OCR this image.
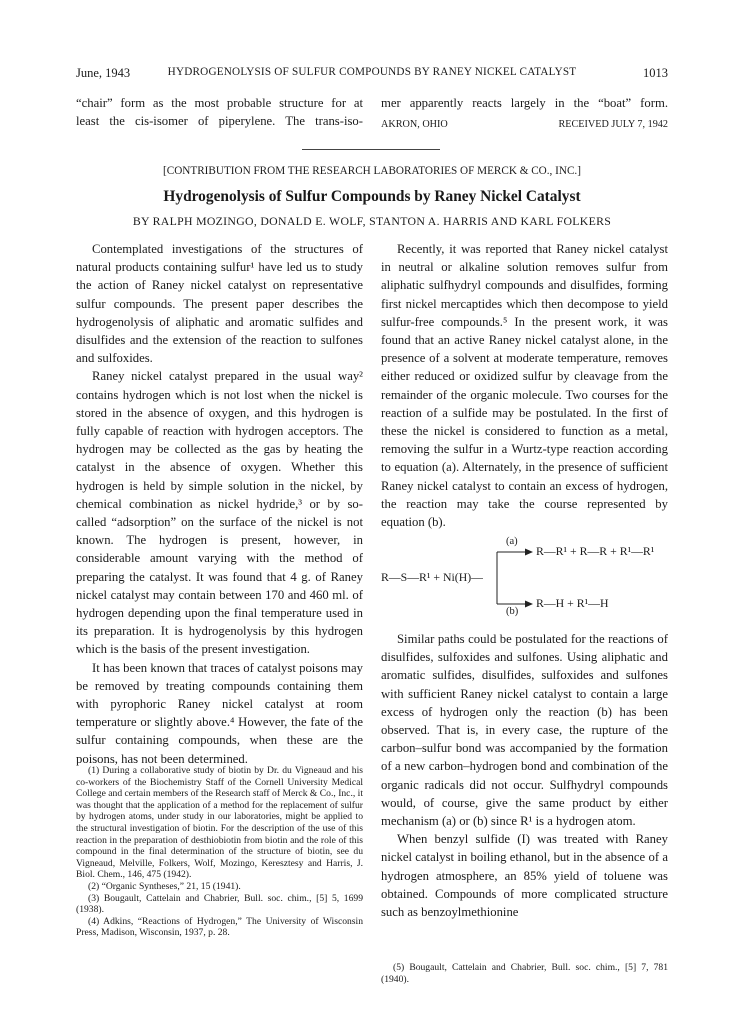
June, 1943	HYDROGENOLYSIS OF SULFUR COMPOUNDS BY RANEY NICKEL CATALYST	1013

“chair” form as the most probable structure for at

least the cis-isomer of piperylene. The trans-iso-

mer apparently reacts largely in the “boat” form.

AKRON, OHIO	RECEIVED JULY 7, 1942
[CONTRIBUTION FROM THE RESEARCH LABORATORIES OF MERCK & CO., INC.]
Hydrogenolysis of Sulfur Compounds by Raney Nickel Catalyst
BY RALPH MOZINGO, DONALD E. WOLF, STANTON A. HARRIS AND KARL FOLKERS

Contemplated investigations of the structures of natural products containing sulfur¹ have led us to study the action of Raney nickel catalyst on representative sulfur compounds. The present paper describes the hydrogenolysis of aliphatic and aromatic sulfides and disulfides and the extension of the reaction to sulfones and sulfoxides.

Raney nickel catalyst prepared in the usual way² contains hydrogen which is not lost when the nickel is stored in the absence of oxygen, and this hydrogen is fully capable of reaction with hydrogen acceptors. The hydrogen may be collected as the gas by heating the catalyst in the absence of oxygen. Whether this hydrogen is held by simple solution in the nickel, by chemical combination as nickel hydride,³ or by so-called “adsorption” on the surface of the nickel is not known. The hydrogen is present, however, in considerable amount varying with the method of preparing the catalyst. It was found that 4 g. of Raney nickel catalyst may contain between 170 and 460 ml. of hydrogen depending upon the final temperature used in its preparation. It is hydrogenolysis by this hydrogen which is the basis of the present investigation.

It has been known that traces of catalyst poisons may be removed by treating compounds containing them with pyrophoric Raney nickel catalyst at room temperature or slightly above.⁴ However, the fate of the sulfur containing compounds, when these are the poisons, has not been determined.

(1) During a collaborative study of biotin by Dr. du Vigneaud and his co-workers of the Biochemistry Staff of the Cornell University Medical College and certain members of the Research staff of Merck & Co., Inc., it was thought that the application of a method for the replacement of sulfur by hydrogen atoms, under study in our laboratories, might be applied to the structural investigation of biotin. For the description of the use of this reaction in the preparation of desthiobiotin from biotin and the role of this compound in the final determination of the structure of biotin, see du Vigneaud, Melville, Folkers, Wolf, Mozingo, Keresztesy and Harris, J. Biol. Chem., 146, 475 (1942).

(2) “Organic Syntheses,” 21, 15 (1941).

(3) Bougault, Cattelain and Chabrier, Bull. soc. chim., [5] 5, 1699 (1938).

(4) Adkins, “Reactions of Hydrogen,” The University of Wisconsin Press, Madison, Wisconsin, 1937, p. 28.

Recently, it was reported that Raney nickel catalyst in neutral or alkaline solution removes sulfur from aliphatic sulfhydryl compounds and disulfides, forming first nickel mercaptides which then decompose to yield sulfur-free compounds.⁵ In the present work, it was found that an active Raney nickel catalyst alone, in the presence of a solvent at moderate temperature, removes either reduced or oxidized sulfur by cleavage from the remainder of the organic molecule. Two courses for the reaction of a sulfide may be postulated. In the first of these the nickel is considered to function as a metal, removing the sulfur in a Wurtz-type reaction according to equation (a). Alternately, in the presence of sufficient Raney nickel catalyst to contain an excess of hydrogen, the reaction may take the course represented by equation (b).

(a)
R—R¹ + R—R + R¹—R¹
R—S—R¹ + Ni(H)—
R—H + R¹—H
(b)

Similar paths could be postulated for the reactions of disulfides, sulfoxides and sulfones. Using aliphatic and aromatic sulfides, disulfides, sulfoxides and sulfones with sufficient Raney nickel catalyst to contain a large excess of hydrogen only the reaction (b) has been observed. That is, in every case, the rupture of the carbon–sulfur bond was accompanied by the formation of a new carbon–hydrogen bond and combination of the organic radicals did not occur. Sulfhydryl compounds would, of course, give the same product by either mechanism (a) or (b) since R¹ is a hydrogen atom.

When benzyl sulfide (I) was treated with Raney nickel catalyst in boiling ethanol, but in the absence of a hydrogen atmosphere, an 85% yield of toluene was obtained. Compounds of more complicated structure such as benzoylmethionine

(5) Bougault, Cattelain and Chabrier, Bull. soc. chim., [5] 7, 781 (1940).
